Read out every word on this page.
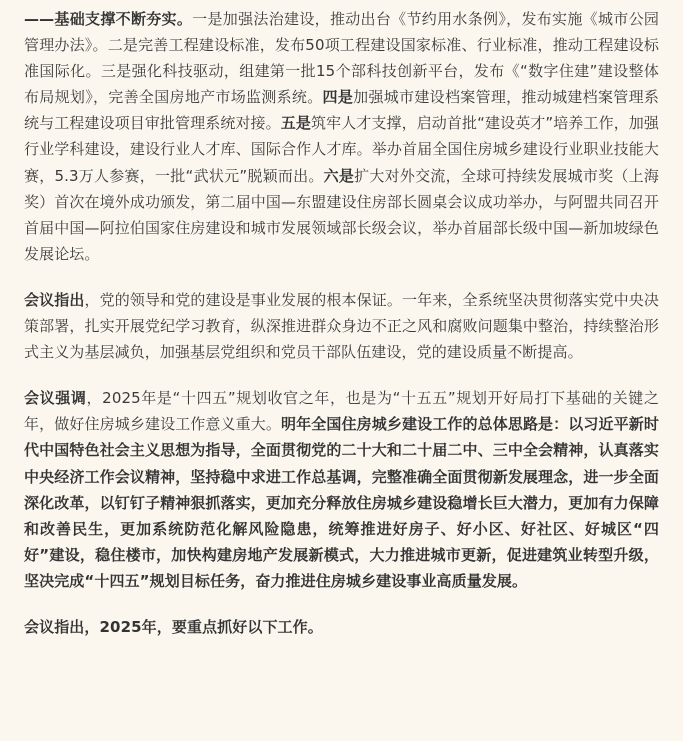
——基础支撑不断夯实。一是加强法治建设，推动出台《节约用水条例》，发布实施《城市公园管理办法》。二是完善工程建设标准，发布50项工程建设国家标准、行业标准，推动工程建设标准国际化。三是强化科技驱动，组建第一批15个部科技创新平台，发布《“数字住建”建设整体布局规划》，完善全国房地产市场监测系统。四是加强城市建设档案管理，推动城建档案管理系统与工程建设项目审批管理系统对接。五是筑牢人才支撑，启动首批“建设英才”培养工作，加强行业学科建设，建设行业人才库、国际合作人才库。举办首届全国住房城乡建设行业职业技能大赛，5.3万人参赛，一批“武状元”脱颖而出。六是扩大对外交流，全球可持续发展城市奖（上海奖）首次在境外成功颁发，第二届中国—东盟建设住房部长圆桌会议成功举办，与阿盟共同召开首届中国—阿拉伯国家住房建设和城市发展领域部长级会议，举办首届部长级中国—新加坡绿色发展论坛。

会议指出，党的领导和党的建设是事业发展的根本保证。一年来，全系统坚决贯彻落实党中央决策部署，扎实开展党纪学习教育，纵深推进群众身边不正之风和腐败问题集中整治，持续整治形式主义为基层减负，加强基层党组织和党员干部队伍建设，党的建设质量不断提高。

会议强调，2025年是“十四五”规划收官之年，也是为“十五五”规划开好局打下基础的关键之年，做好住房城乡建设工作意义重大。明年全国住房城乡建设工作的总体思路是：以习近平新时代中国特色社会主义思想为指导，全面贯彻党的二十大和二十届二中、三中全会精神，认真落实中央经济工作会议精神，坚持稳中求进工作总基调，完整准确全面贯彻新发展理念，进一步全面深化改革，以钉钉子精神狠抓落实，更加充分释放住房城乡建设稳增长巨大潜力，更加有力保障和改善民生，更加系统防范化解风险隐患，统筹推进好房子、好小区、好社区、好城区“四好”建设，稳住楼市，加快构建房地产发展新模式，大力推进城市更新，促进建筑业转型升级，坚决完成“十四五”规划目标任务，奋力推进住房城乡建设事业高质量发展。

会议指出，2025年，要重点抓好以下工作。
